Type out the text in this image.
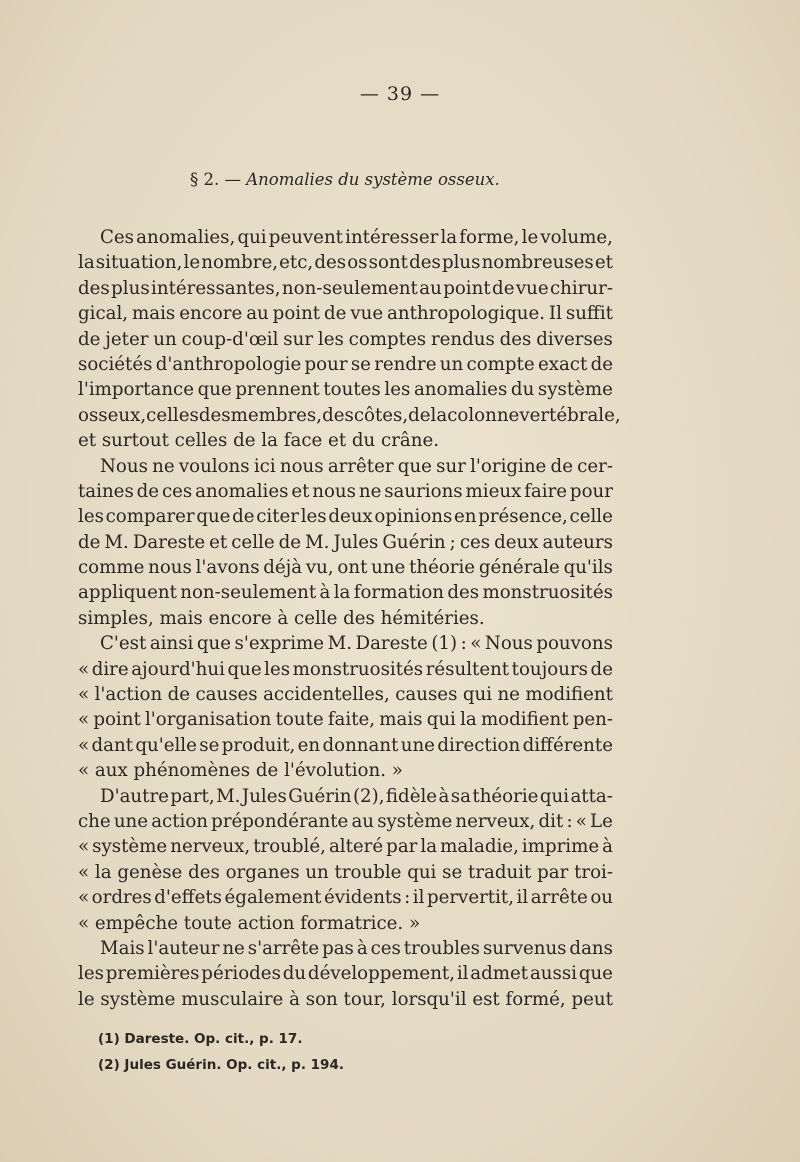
— 39 —
§ 2. — Anomalies du système osseux.
Ces anomalies, qui peuvent intéresser la forme, le volume,
la situation, le nombre, etc, des os sont des plus nombreuses et
des plus intéressantes, non-seulement au point de vue chirur-
gical, mais encore au point de vue anthropologique. Il suffit
de jeter un coup-d'œil sur les comptes rendus des diverses
sociétés d'anthropologie pour se rendre un compte exact de
l'importance que prennent toutes les anomalies du système
osseux, celles des membres, des côtes, de la colonne vertébrale,
et surtout celles de la face et du crâne.
Nous ne voulons ici nous arrêter que sur l'origine de cer-
taines de ces anomalies et nous ne saurions mieux faire pour
les comparer que de citer les deux opinions en présence, celle
de M. Dareste et celle de M. Jules Guérin ; ces deux auteurs
comme nous l'avons déjà vu, ont une théorie générale qu'ils
appliquent non-seulement à la formation des monstruosités
simples, mais encore à celle des hémitéries.
C'est ainsi que s'exprime M. Dareste (1) : « Nous pouvons
« dire ajourd'hui que les monstruosités résultent toujours de
« l'action de causes accidentelles, causes qui ne modifient
« point l'organisation toute faite, mais qui la modifient pen-
« dant qu'elle se produit, en donnant une direction différente
« aux phénomènes de l'évolution. »
D'autre part, M. Jules Guérin (2), fidèle à sa théorie qui atta-
che une action prépondérante au système nerveux, dit : « Le
« système nerveux, troublé, alteré par la maladie, imprime à
« la genèse des organes un trouble qui se traduit par troi-
« ordres d'effets également évidents : il pervertit, il arrête ou
« empêche toute action formatrice. »
Mais l'auteur ne s'arrête pas à ces troubles survenus dans
les premières périodes du développement, il admet aussi que
le système musculaire à son tour, lorsqu'il est formé, peut
(1) Dareste. Op. cit., p. 17.
(2) Jules Guérin. Op. cit., p. 194.
